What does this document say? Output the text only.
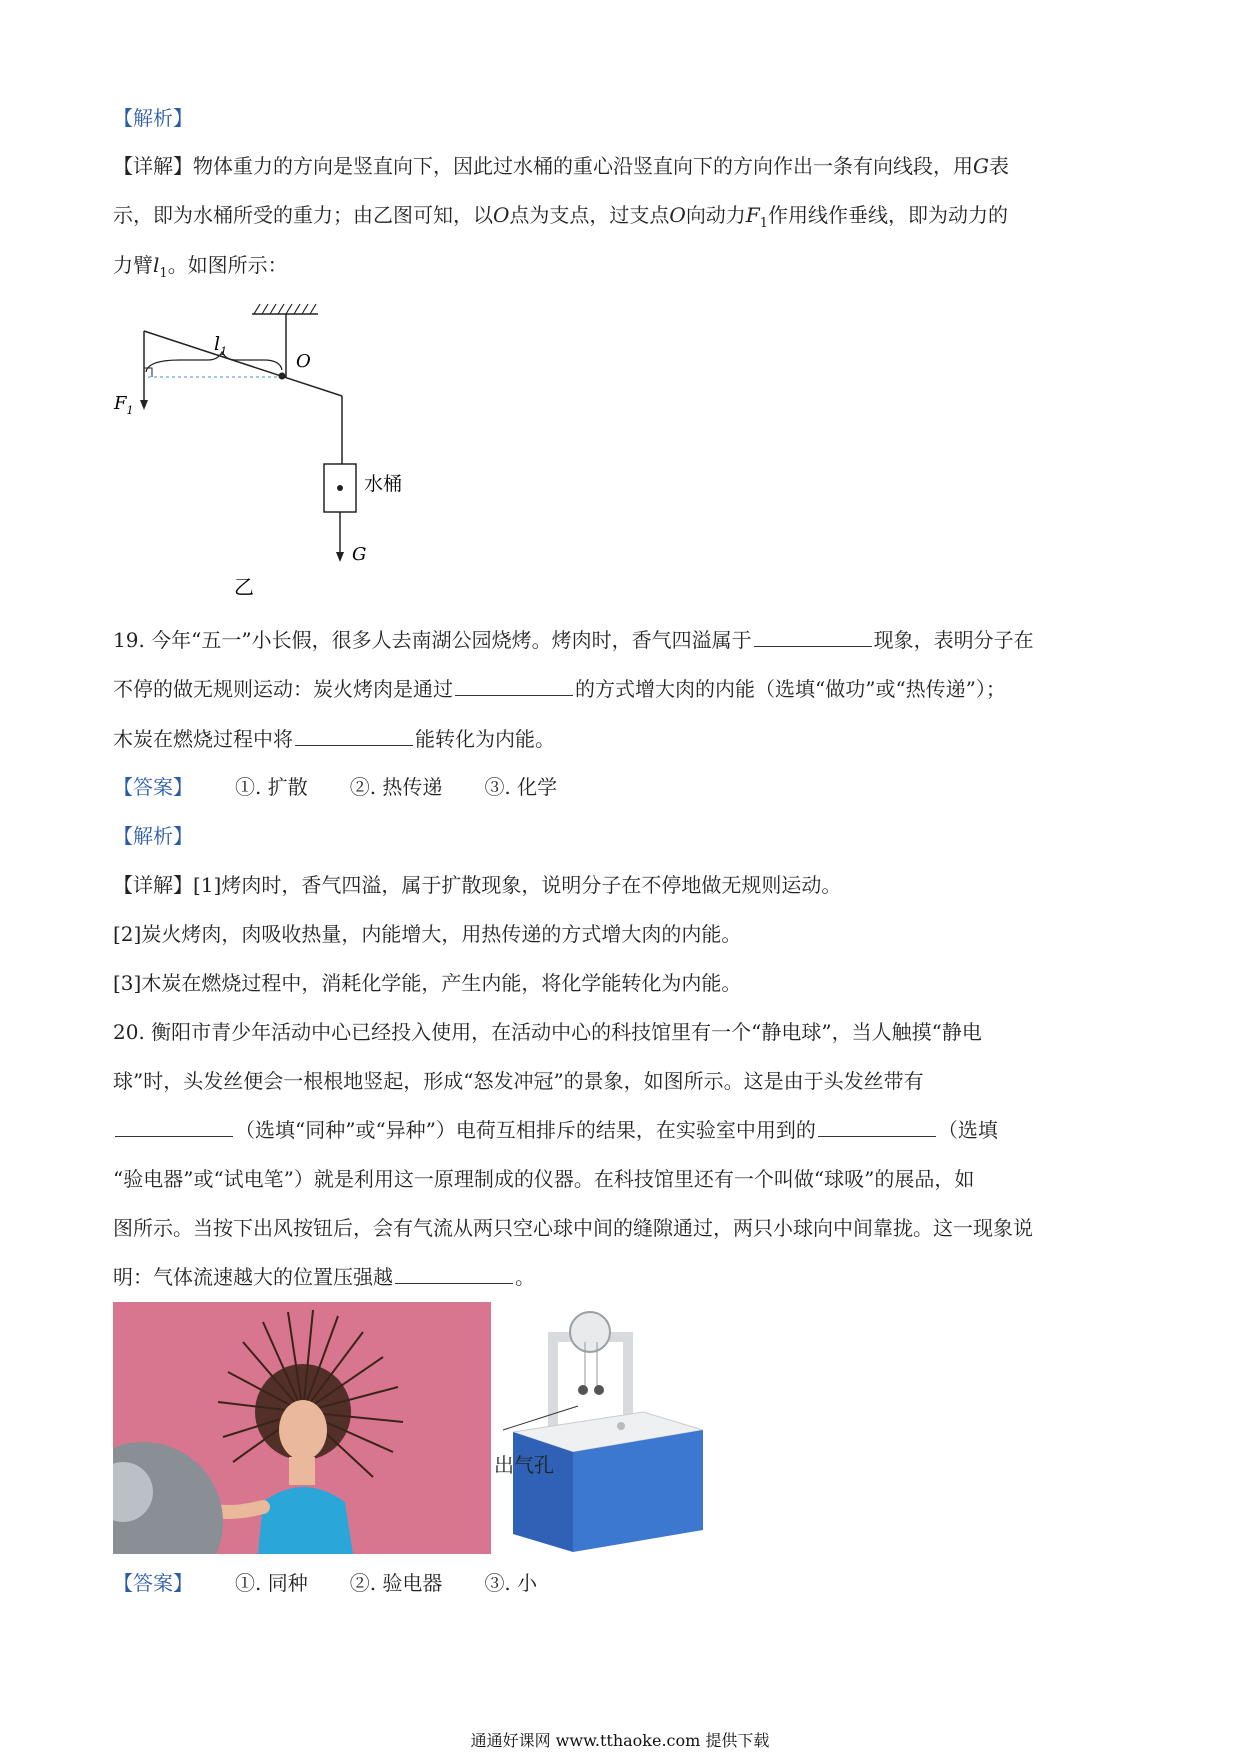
【解析】
【详解】物体重力的方向是竖直向下，因此过水桶的重心沿竖直向下的方向作出一条有向线段，用G表
示，即为水桶所受的重力；由乙图可知，以O点为支点，过支点O向动力$F_1$作用线作垂线，即为动力的
力臂$l_1$。如图所示：
$l_1$	O
$F_1$
水桶
G
乙
19. 今年“五一”小长假，很多人去南湖公园烧烤。烤肉时，香气四溢属于	现象，表明分子在
不停的做无规则运动：炭火烤肉是通过	的方式增大肉的内能（选填“做功”或“热传递”）；
木炭在燃烧过程中将	能转化为内能。
【答案】 ①. 扩散 ②. 热传递 ③. 化学
【解析】
【详解】[1]烤肉时，香气四溢，属于扩散现象，说明分子在不停地做无规则运动。
[2]炭火烤肉，肉吸收热量，内能增大，用热传递的方式增大肉的内能。
[3]木炭在燃烧过程中，消耗化学能，产生内能，将化学能转化为内能。
20. 衡阳市青少年活动中心已经投入使用，在活动中心的科技馆里有一个“静电球”，当人触摸“静电
球”时，头发丝便会一根根地竖起，形成“怒发冲冠”的景象，如图所示。这是由于头发丝带有
（选填“同种”或“异种”）电荷互相排斥的结果，在实验室中用到的	（选填
“验电器”或“试电笔”）就是利用这一原理制成的仪器。在科技馆里还有一个叫做“球吸”的展品，如
图所示。当按下出风按钮后，会有气流从两只空心球中间的缝隙通过，两只小球向中间靠拢。这一现象说
明：气体流速越大的位置压强越	。
出气孔
【答案】 ①. 同种 ②. 验电器 ③. 小
通通好课网 www.tthaoke.com 提供下载
